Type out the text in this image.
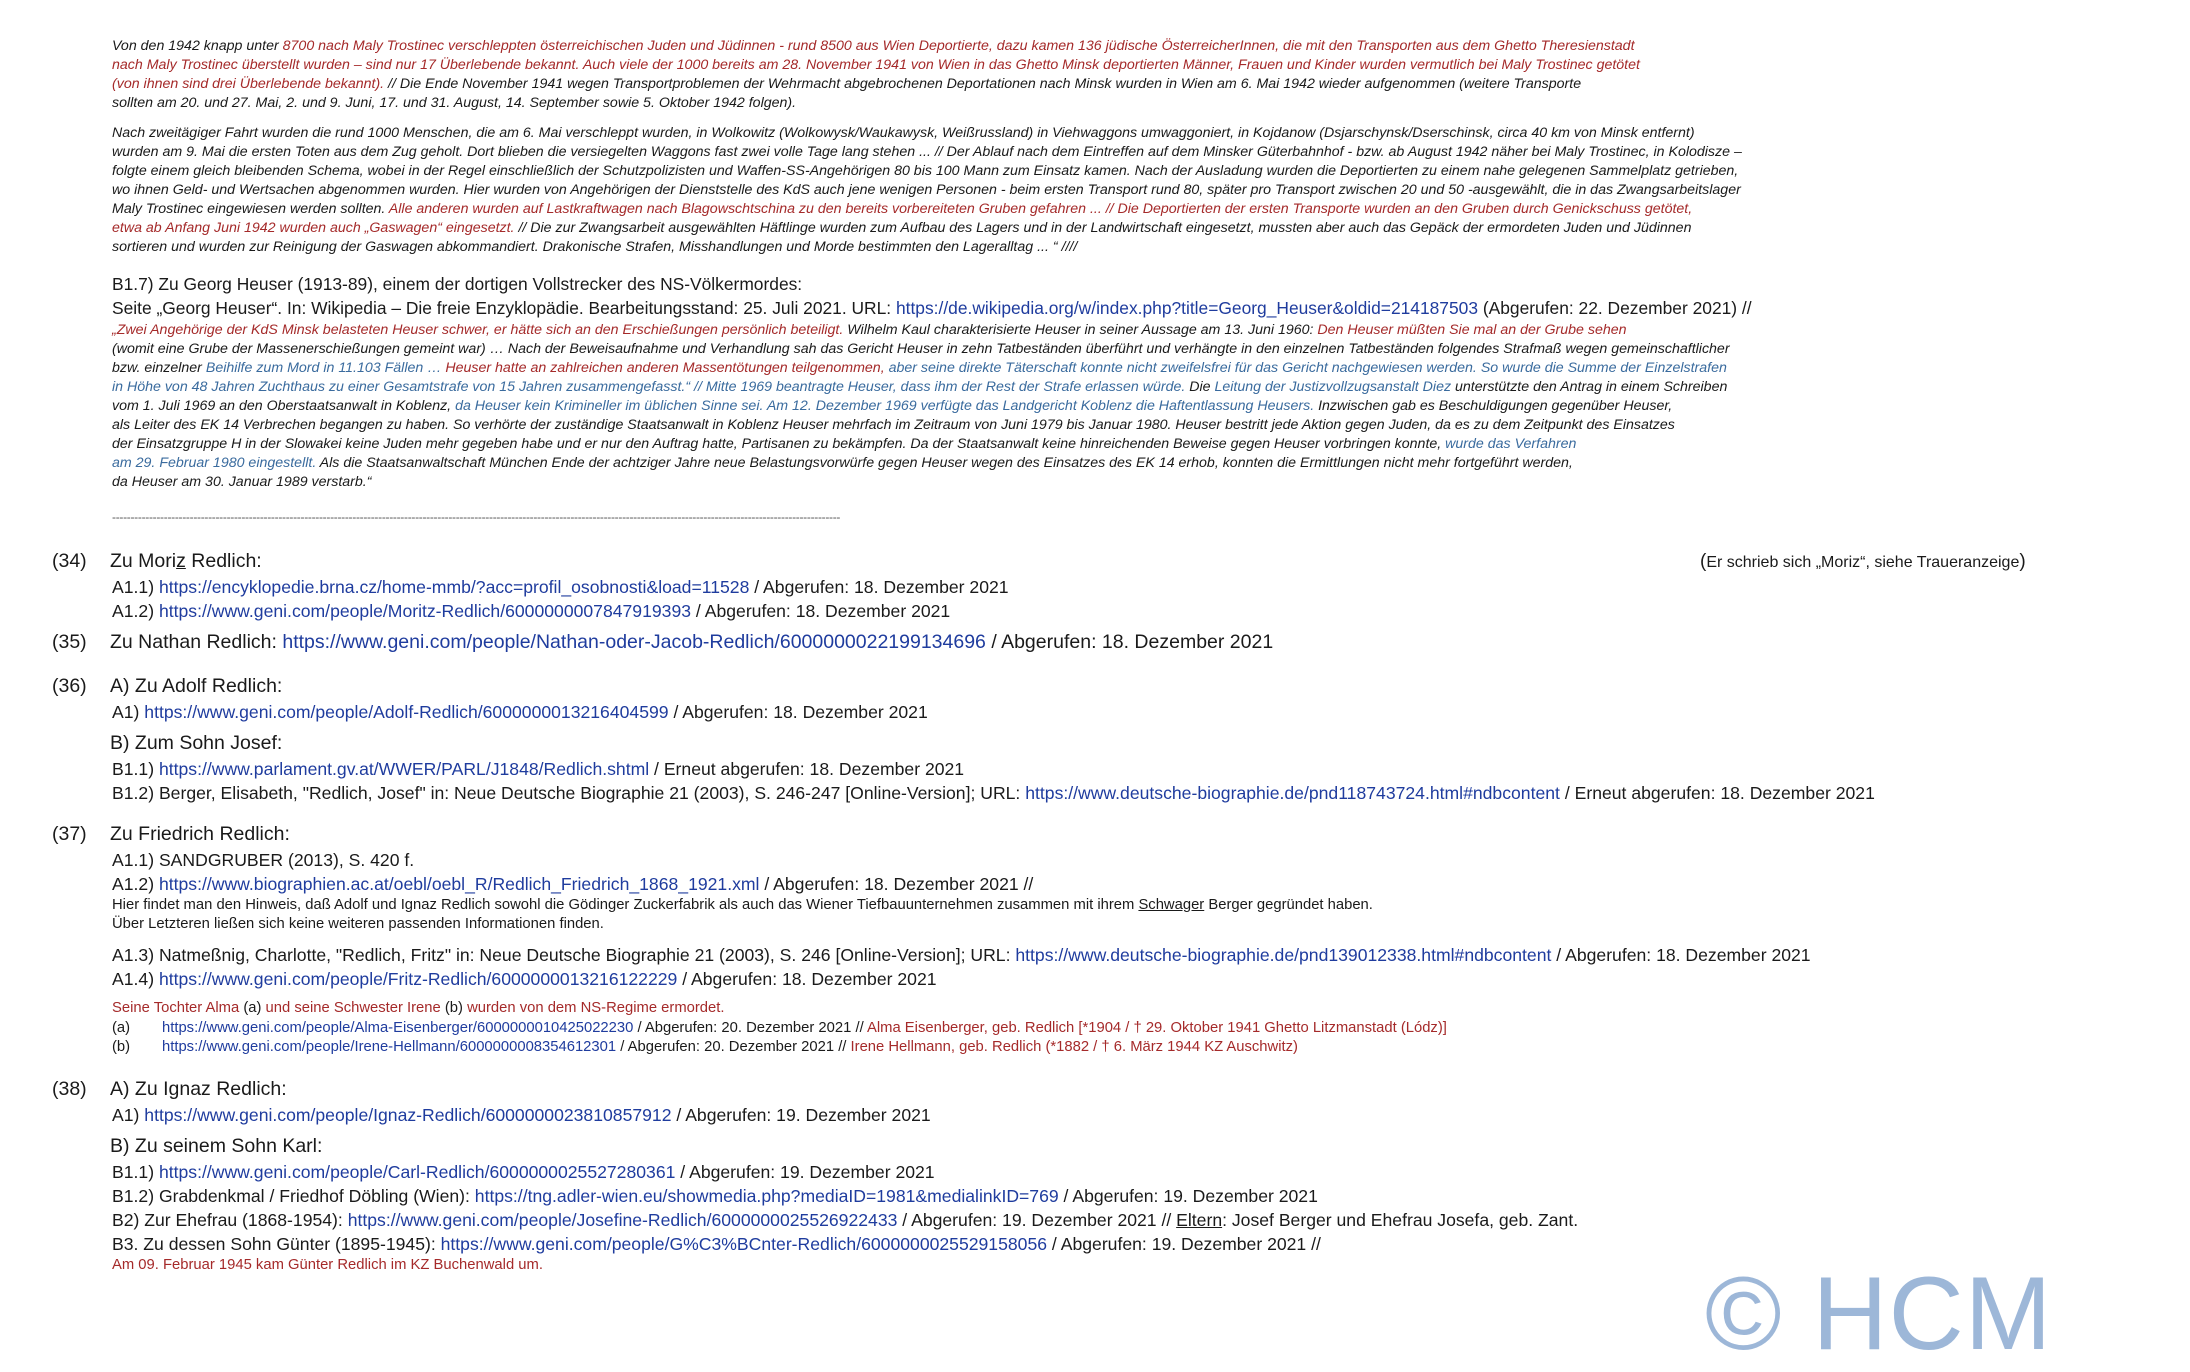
Von den 1942 knapp unter 8700 nach Maly Trostinec verschleppten österreichischen Juden und Jüdinnen - rund 8500 aus Wien Deportierte, dazu kamen 136 jüdische ÖsterreicherInnen, die mit den Transporten aus dem Ghetto Theresienstadt

nach Maly Trostinec überstellt wurden – sind nur 17 Überlebende bekannt. Auch viele der 1000 bereits am 28. November 1941 von Wien in das Ghetto Minsk deportierten Männer, Frauen und Kinder wurden vermutlich bei Maly Trostinec getötet

(von ihnen sind drei Überlebende bekannt). // Die Ende November 1941 wegen Transportproblemen der Wehrmacht abgebrochenen Deportationen nach Minsk wurden in Wien am 6. Mai 1942 wieder aufgenommen (weitere Transporte

sollten am 20. und 27. Mai, 2. und 9. Juni, 17. und 31. August, 14. September sowie 5. Oktober 1942 folgen).

Nach zweitägiger Fahrt wurden die rund 1000 Menschen, die am 6. Mai verschleppt wurden, in Wolkowitz (Wolkowysk/Waukawysk, Weißrussland) in Viehwaggons umwaggoniert, in Kojdanow (Dsjarschynsk/Dserschinsk, circa 40 km von Minsk entfernt)

wurden am 9. Mai die ersten Toten aus dem Zug geholt. Dort blieben die versiegelten Waggons fast zwei volle Tage lang stehen ... // Der Ablauf nach dem Eintreffen auf dem Minsker Güterbahnhof - bzw. ab August 1942 näher bei Maly Trostinec, in Kolodisze –

folgte einem gleich bleibenden Schema, wobei in der Regel einschließlich der Schutzpolizisten und Waffen-SS-Angehörigen 80 bis 100 Mann zum Einsatz kamen. Nach der Ausladung wurden die Deportierten zu einem nahe gelegenen Sammelplatz getrieben,

wo ihnen Geld- und Wertsachen abgenommen wurden. Hier wurden von Angehörigen der Dienststelle des KdS auch jene wenigen Personen - beim ersten Transport rund 80, später pro Transport zwischen 20 und 50 -ausgewählt, die in das Zwangsarbeitslager

Maly Trostinec eingewiesen werden sollten. Alle anderen wurden auf Lastkraftwagen nach Blagowschtschina zu den bereits vorbereiteten Gruben gefahren ... // Die Deportierten der ersten Transporte wurden an den Gruben durch Genickschuss getötet,

etwa ab Anfang Juni 1942 wurden auch „Gaswagen“ eingesetzt. // Die zur Zwangsarbeit ausgewählten Häftlinge wurden zum Aufbau des Lagers und in der Landwirtschaft eingesetzt, mussten aber auch das Gepäck der ermordeten Juden und Jüdinnen

sortieren und wurden zur Reinigung der Gaswagen abkommandiert. Drakonische Strafen, Misshandlungen und Morde bestimmten den Lageralltag ... “ ////

B1.7) Zu Georg Heuser (1913-89), einem der dortigen Vollstrecker des NS-Völkermordes:

Seite „Georg Heuser“. In: Wikipedia – Die freie Enzyklopädie. Bearbeitungsstand: 25. Juli 2021. URL: https://de.wikipedia.org/w/index.php?title=Georg_Heuser&oldid=214187503 (Abgerufen: 22. Dezember 2021) //

„Zwei Angehörige der KdS Minsk belasteten Heuser schwer, er hätte sich an den Erschießungen persönlich beteiligt. Wilhelm Kaul charakterisierte Heuser in seiner Aussage am 13. Juni 1960: Den Heuser müßten Sie mal an der Grube sehen

(womit eine Grube der Massenerschießungen gemeint war) … Nach der Beweisaufnahme und Verhandlung sah das Gericht Heuser in zehn Tatbeständen überführt und verhängte in den einzelnen Tatbeständen folgendes Strafmaß wegen gemeinschaftlicher

bzw. einzelner Beihilfe zum Mord in 11.103 Fällen … Heuser hatte an zahlreichen anderen Massentötungen teilgenommen, aber seine direkte Täterschaft konnte nicht zweifelsfrei für das Gericht nachgewiesen werden. So wurde die Summe der Einzelstrafen

in Höhe von 48 Jahren Zuchthaus zu einer Gesamtstrafe von 15 Jahren zusammengefasst.“ // Mitte 1969 beantragte Heuser, dass ihm der Rest der Strafe erlassen würde. Die Leitung der Justizvollzugsanstalt Diez unterstützte den Antrag in einem Schreiben

vom 1. Juli 1969 an den Oberstaatsanwalt in Koblenz, da Heuser kein Krimineller im üblichen Sinne sei. Am 12. Dezember 1969 verfügte das Landgericht Koblenz die Haftentlassung Heusers. Inzwischen gab es Beschuldigungen gegenüber Heuser,

als Leiter des EK 14 Verbrechen begangen zu haben. So verhörte der zuständige Staatsanwalt in Koblenz Heuser mehrfach im Zeitraum von Juni 1979 bis Januar 1980. Heuser bestritt jede Aktion gegen Juden, da es zu dem Zeitpunkt des Einsatzes

der Einsatzgruppe H in der Slowakei keine Juden mehr gegeben habe und er nur den Auftrag hatte, Partisanen zu bekämpfen. Da der Staatsanwalt keine hinreichenden Beweise gegen Heuser vorbringen konnte, wurde das Verfahren

am 29. Februar 1980 eingestellt. Als die Staatsanwaltschaft München Ende der achtziger Jahre neue Belastungsvorwürfe gegen Heuser wegen des Einsatzes des EK 14 erhob, konnten die Ermittlungen nicht mehr fortgeführt werden,

da Heuser am 30. Januar 1989 verstarb.“

-----------------------------------------------------------------------------------------------------------------------------------------------------------------------------------------------------

(34) Zu Moriz Redlich:	(Er schrieb sich „Moriz“, siehe Traueranzeige)

A1.1) https://encyklopedie.brna.cz/home-mmb/?acc=profil_osobnosti&load=11528 / Abgerufen: 18. Dezember 2021

A1.2) https://www.geni.com/people/Moritz-Redlich/6000000007847919393 / Abgerufen: 18. Dezember 2021

(35) Zu Nathan Redlich: https://www.geni.com/people/Nathan-oder-Jacob-Redlich/6000000022199134696 / Abgerufen: 18. Dezember 2021

(36) A) Zu Adolf Redlich:

A1) https://www.geni.com/people/Adolf-Redlich/6000000013216404599 / Abgerufen: 18. Dezember 2021

B) Zum Sohn Josef:

B1.1) https://www.parlament.gv.at/WWER/PARL/J1848/Redlich.shtml / Erneut abgerufen: 18. Dezember 2021

B1.2) Berger, Elisabeth, "Redlich, Josef" in: Neue Deutsche Biographie 21 (2003), S. 246-247 [Online-Version]; URL: https://www.deutsche-biographie.de/pnd118743724.html#ndbcontent / Erneut abgerufen: 18. Dezember 2021

(37) Zu Friedrich Redlich:

A1.1) SANDGRUBER (2013), S. 420 f.

A1.2) https://www.biographien.ac.at/oebl/oebl_R/Redlich_Friedrich_1868_1921.xml / Abgerufen: 18. Dezember 2021 //

Hier findet man den Hinweis, daß Adolf und Ignaz Redlich sowohl die Gödinger Zuckerfabrik als auch das Wiener Tiefbauunternehmen zusammen mit ihrem Schwager Berger gegründet haben.

Über Letzteren ließen sich keine weiteren passenden Informationen finden.

A1.3) Natmeßnig, Charlotte, "Redlich, Fritz" in: Neue Deutsche Biographie 21 (2003), S. 246 [Online-Version]; URL: https://www.deutsche-biographie.de/pnd139012338.html#ndbcontent / Abgerufen: 18. Dezember 2021

A1.4) https://www.geni.com/people/Fritz-Redlich/6000000013216122229 / Abgerufen: 18. Dezember 2021

Seine Tochter Alma (a) und seine Schwester Irene (b) wurden von dem NS-Regime ermordet.

(a) https://www.geni.com/people/Alma-Eisenberger/6000000010425022230 / Abgerufen: 20. Dezember 2021 // Alma Eisenberger, geb. Redlich [*1904 / † 29. Oktober 1941 Ghetto Litzmanstadt (Lódz)]

(b) https://www.geni.com/people/Irene-Hellmann/6000000008354612301 / Abgerufen: 20. Dezember 2021 // Irene Hellmann, geb. Redlich (*1882 / † 6. März 1944 KZ Auschwitz)

(38) A) Zu Ignaz Redlich:

A1) https://www.geni.com/people/Ignaz-Redlich/6000000023810857912 / Abgerufen: 19. Dezember 2021

B) Zu seinem Sohn Karl:

B1.1) https://www.geni.com/people/Carl-Redlich/6000000025527280361 / Abgerufen: 19. Dezember 2021

B1.2) Grabdenkmal / Friedhof Döbling (Wien): https://tng.adler-wien.eu/showmedia.php?mediaID=1981&medialinkID=769 / Abgerufen: 19. Dezember 2021

B2) Zur Ehefrau (1868-1954): https://www.geni.com/people/Josefine-Redlich/6000000025526922433 / Abgerufen: 19. Dezember 2021 // Eltern: Josef Berger und Ehefrau Josefa, geb. Zant.

B3. Zu dessen Sohn Günter (1895-1945): https://www.geni.com/people/G%C3%BCnter-Redlich/6000000025529158056 / Abgerufen: 19. Dezember 2021 //

Am 09. Februar 1945 kam Günter Redlich im KZ Buchenwald um.	© HCM
